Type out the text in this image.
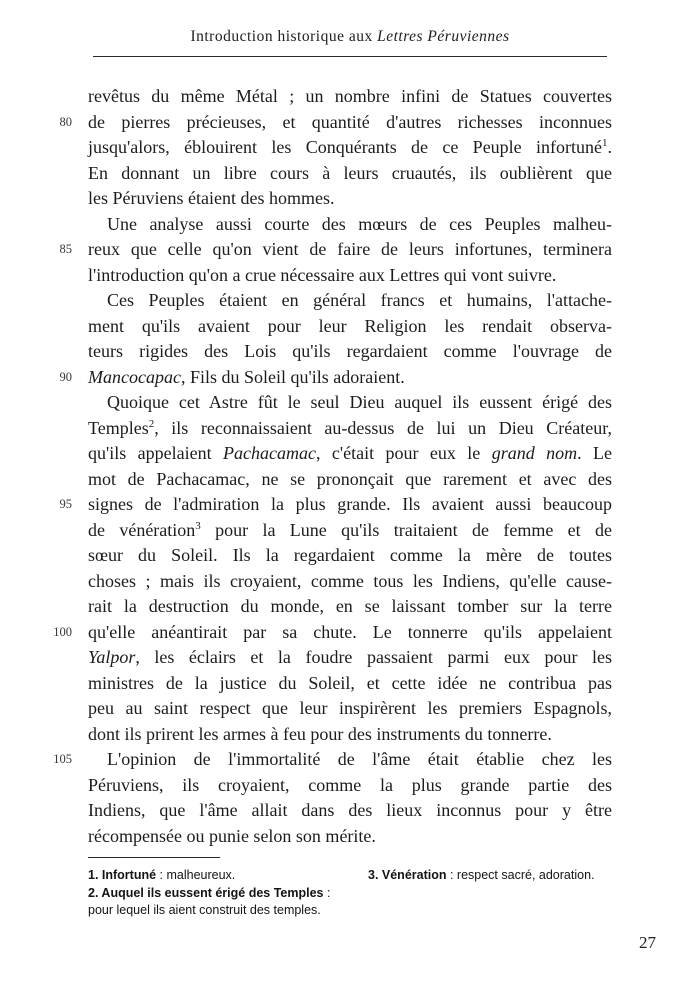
Introduction historique aux Lettres Péruviennes
revêtus du même Métal ; un nombre infini de Statues couvertes
80 de pierres précieuses, et quantité d'autres richesses inconnues
jusqu'alors, éblouirent les Conquérants de ce Peuple infortuné$^1$.
En donnant un libre cours à leurs cruautés, ils oublièrent que
les Péruviens étaient des hommes.
Une analyse aussi courte des mœurs de ces Peuples malheu-
85 reux que celle qu'on vient de faire de leurs infortunes, terminera
l'introduction qu'on a crue nécessaire aux Lettres qui vont suivre.
Ces Peuples étaient en général francs et humains, l'attache-
ment qu'ils avaient pour leur Religion les rendait observa-
teurs rigides des Lois qu'ils regardaient comme l'ouvrage de
90 Mancocapac, Fils du Soleil qu'ils adoraient.
Quoique cet Astre fût le seul Dieu auquel ils eussent érigé des
Temples$^2$, ils reconnaissaient au-dessus de lui un Dieu Créateur,
qu'ils appelaient Pachacamac, c'était pour eux le grand nom. Le
mot de Pachacamac, ne se prononçait que rarement et avec des
95 signes de l'admiration la plus grande. Ils avaient aussi beaucoup
de vénération$^3$ pour la Lune qu'ils traitaient de femme et de
sœur du Soleil. Ils la regardaient comme la mère de toutes
choses ; mais ils croyaient, comme tous les Indiens, qu'elle cause-
rait la destruction du monde, en se laissant tomber sur la terre
100 qu'elle anéantirait par sa chute. Le tonnerre qu'ils appelaient
Yalpor, les éclairs et la foudre passaient parmi eux pour les
ministres de la justice du Soleil, et cette idée ne contribua pas
peu au saint respect que leur inspirèrent les premiers Espagnols,
dont ils prirent les armes à feu pour des instruments du tonnerre.
105	L'opinion de l'immortalité de l'âme était établie chez les
Péruviens, ils croyaient, comme la plus grande partie des
Indiens, que l'âme allait dans des lieux inconnus pour y être
récompensée ou punie selon son mérite.
1. Infortuné : malheureux.
2. Auquel ils eussent érigé des Temples :
pour lequel ils aient construit des temples.
3. Vénération : respect sacré, adoration.
27
